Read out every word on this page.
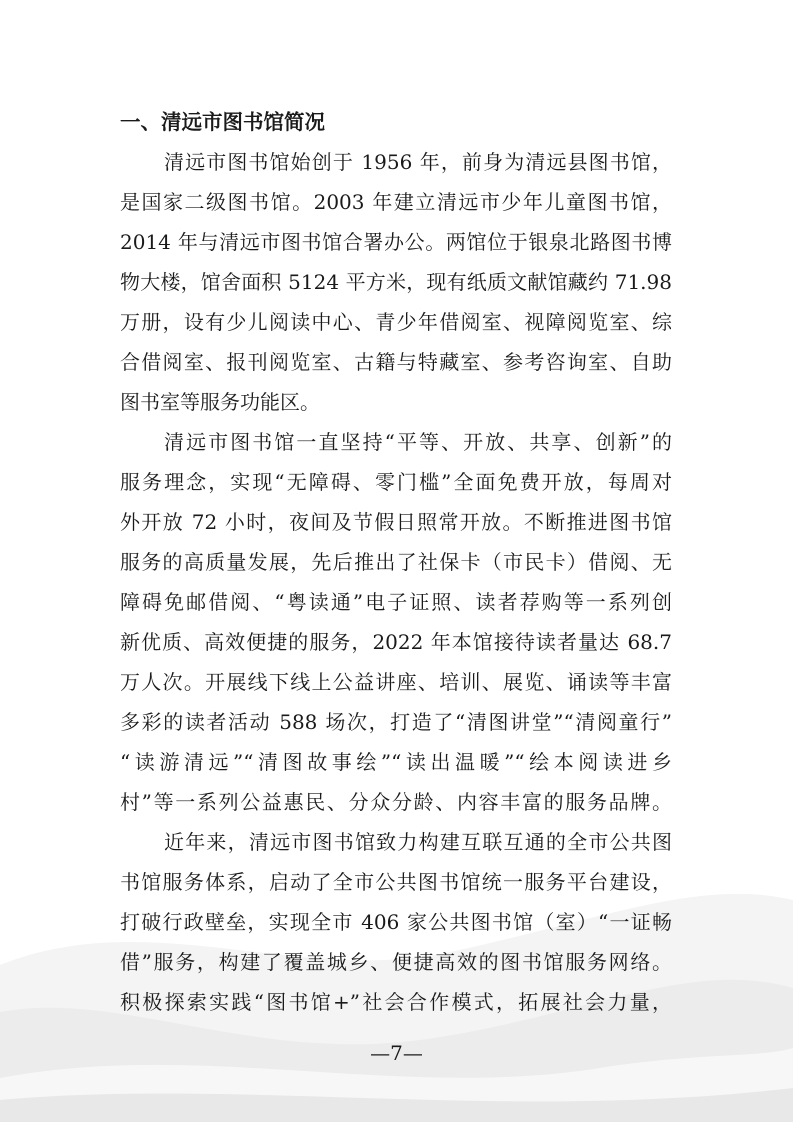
一、清远市图书馆简况
清远市图书馆始创于 1956 年，前身为清远县图书馆，
是国家二级图书馆。2003 年建立清远市少年儿童图书馆，
2014 年与清远市图书馆合署办公。两馆位于银泉北路图书博
物大楼，馆舍面积 5124 平方米，现有纸质文献馆藏约 71.98
万册，设有少儿阅读中心、青少年借阅室、视障阅览室、综
合借阅室、报刊阅览室、古籍与特藏室、参考咨询室、自助
图书室等服务功能区。
清远市图书馆一直坚持“平等、开放、共享、创新”的
服务理念，实现“无障碍、零门槛”全面免费开放，每周对
外开放 72 小时，夜间及节假日照常开放。不断推进图书馆
服务的高质量发展，先后推出了社保卡（市民卡）借阅、无
障碍免邮借阅、“粤读通”电子证照、读者荐购等一系列创
新优质、高效便捷的服务，2022 年本馆接待读者量达 68.7
万人次。开展线下线上公益讲座、培训、展览、诵读等丰富
多彩的读者活动 588 场次，打造了“清图讲堂”“清阅童行”
“读游清远”“清图故事绘”“读出温暖”“绘本阅读进乡
村”等一系列公益惠民、分众分龄、内容丰富的服务品牌。
近年来，清远市图书馆致力构建互联互通的全市公共图
书馆服务体系，启动了全市公共图书馆统一服务平台建设，
打破行政壁垒，实现全市 406 家公共图书馆（室）“一证畅
借”服务，构建了覆盖城乡、便捷高效的图书馆服务网络。
积极探索实践“图书馆+”社会合作模式，拓展社会力量，
—7—
